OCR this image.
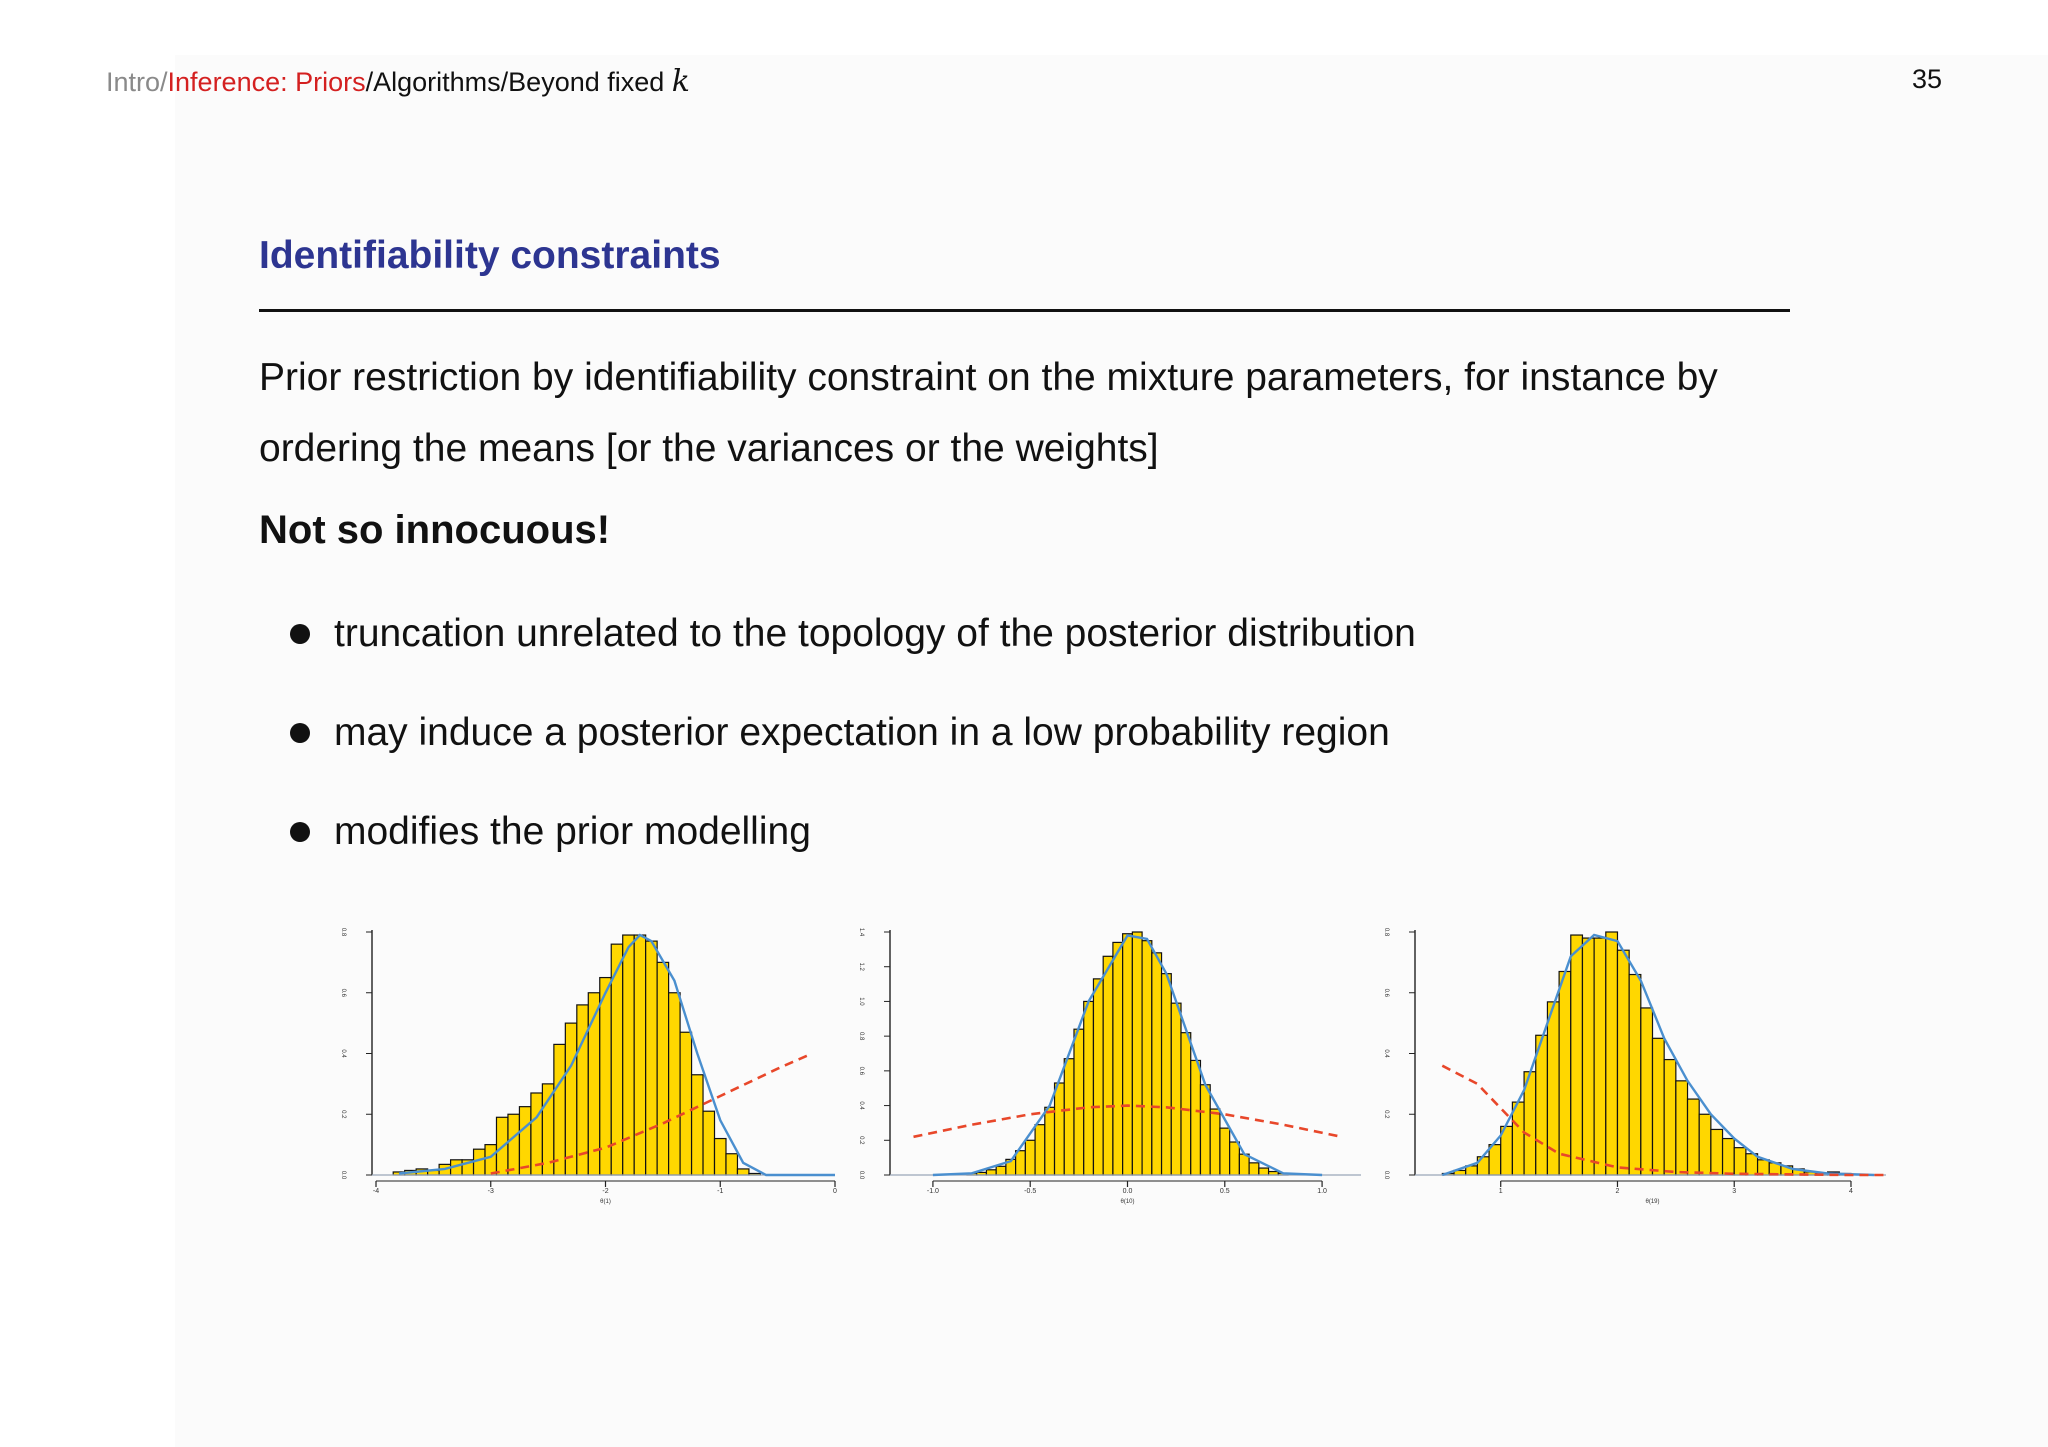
Intro/Inference: Priors/Algorithms/Beyond fixed k	35
Identifiability constraints
Prior restriction by identifiability constraint on the mixture parameters, for instance by ordering the means [or the variances or the weights]
Not so innocuous!
truncation unrelated to the topology of the posterior distribution
may induce a posterior expectation in a low probability region
modifies the prior modelling
-4	-3	-2	-1	0
θ(1)
0.0
0.2
0.4
0.6
0.8
-1.0	-0.5	0.0	0.5	1.0
θ(10)
0.0
0.2
0.4
0.6
0.8
1.0
1.2
1.4
1	2	3	4
θ(19)
0.0
0.2
0.4
0.6
0.8
